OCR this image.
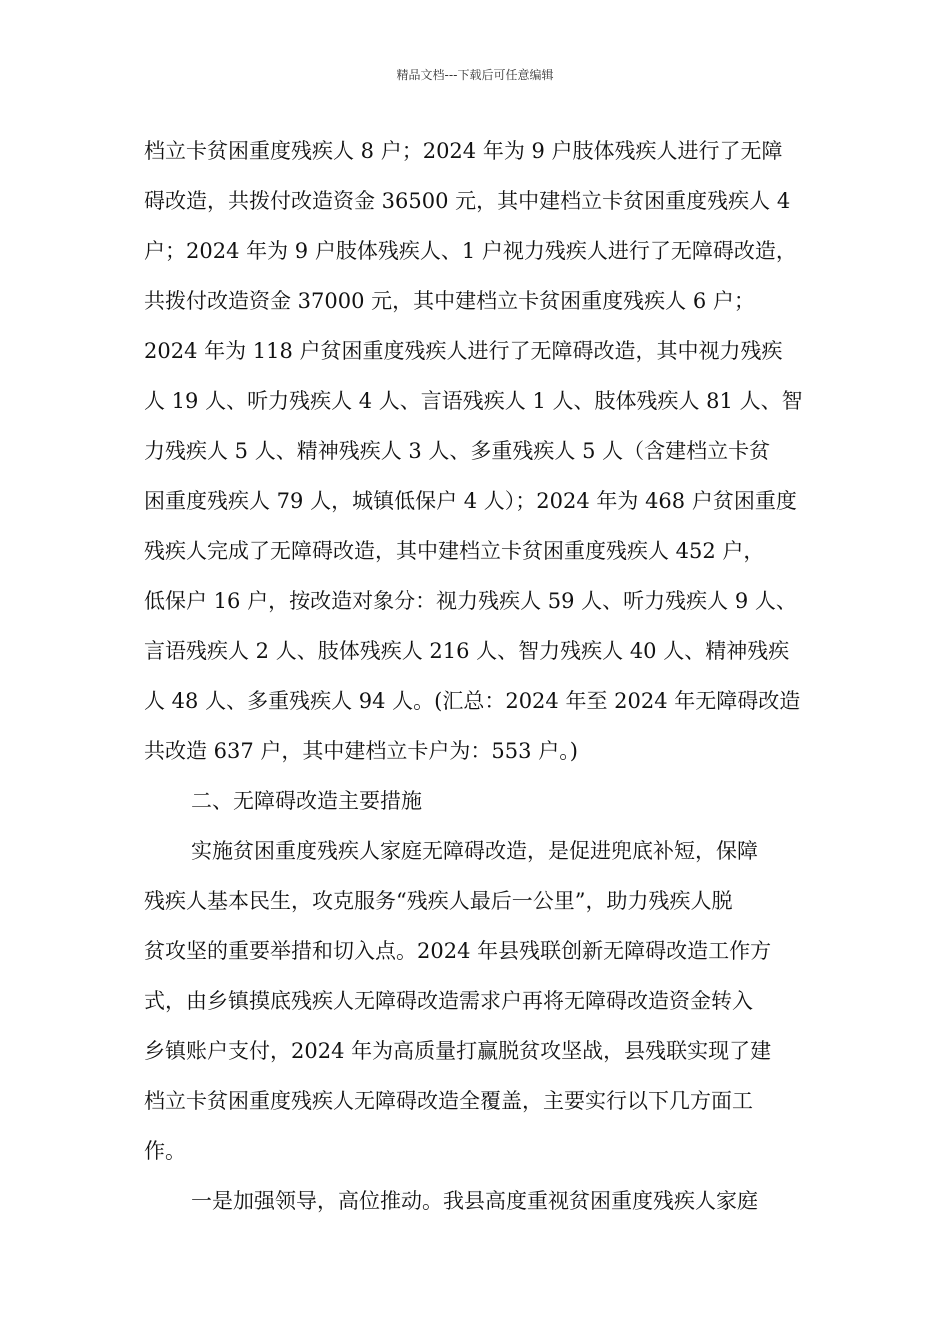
精品文档---下载后可任意编辑
档立卡贫困重度残疾人 8 户；2024 年为 9 户肢体残疾人进行了无障
碍改造，共拨付改造资金 36500 元，其中建档立卡贫困重度残疾人 4
户；2024 年为 9 户肢体残疾人、1 户视力残疾人进行了无障碍改造，
共拨付改造资金 37000 元，其中建档立卡贫困重度残疾人 6 户；
2024 年为 118 户贫困重度残疾人进行了无障碍改造，其中视力残疾
人 19 人、听力残疾人 4 人、言语残疾人 1 人、肢体残疾人 81 人、智
力残疾人 5 人、精神残疾人 3 人、多重残疾人 5 人（含建档立卡贫
困重度残疾人 79 人，城镇低保户 4 人）；2024 年为 468 户贫困重度
残疾人完成了无障碍改造，其中建档立卡贫困重度残疾人 452 户，
低保户 16 户，按改造对象分：视力残疾人 59 人、听力残疾人 9 人、
言语残疾人 2 人、肢体残疾人 216 人、智力残疾人 40 人、精神残疾
人 48 人、多重残疾人 94 人。(汇总：2024 年至 2024 年无障碍改造
共改造 637 户，其中建档立卡户为：553 户。)
二、无障碍改造主要措施
实施贫困重度残疾人家庭无障碍改造，是促进兜底补短，保障
残疾人基本民生，攻克服务“残疾人最后一公里”，助力残疾人脱
贫攻坚的重要举措和切入点。2024 年县残联创新无障碍改造工作方
式，由乡镇摸底残疾人无障碍改造需求户再将无障碍改造资金转入
乡镇账户支付，2024 年为高质量打赢脱贫攻坚战，县残联实现了建
档立卡贫困重度残疾人无障碍改造全覆盖，主要实行以下几方面工
作。
一是加强领导，高位推动。我县高度重视贫困重度残疾人家庭
